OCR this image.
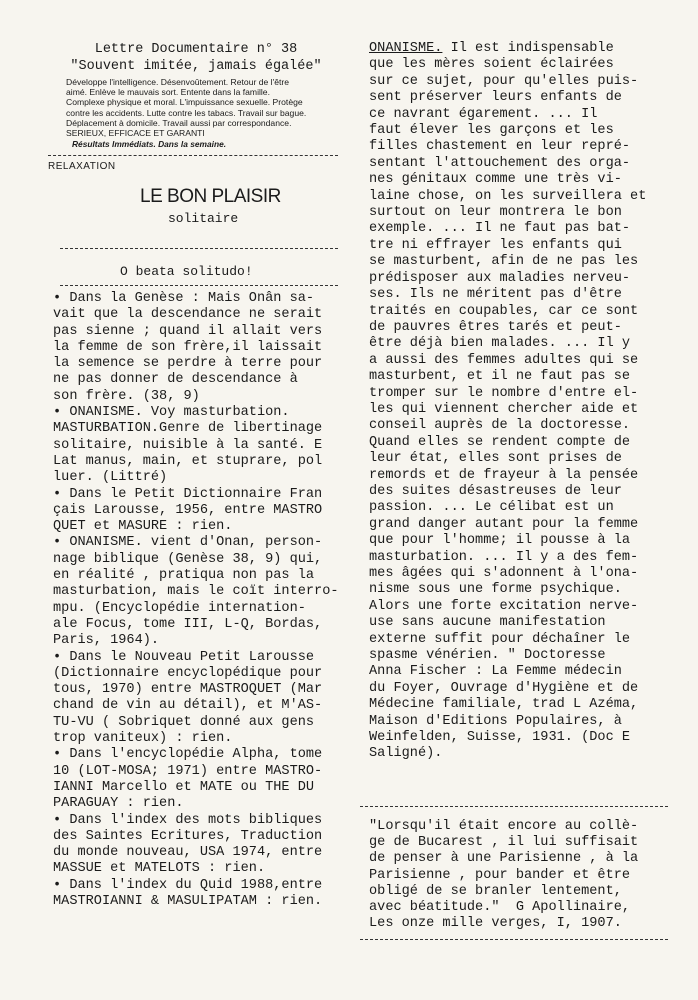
Lettre Documentaire n° 38
"Souvent imitée, jamais égalée"
Développe l'intelligence. Désenvoûtement. Retour de l'être
aimé. Enlève le mauvais sort. Entente dans la famille.
Complexe physique et moral. L'impuissance sexuelle. Protège
contre les accidents. Lutte contre les tabacs. Travail sur bague.
Déplacement à domicile. Travail aussi par correspondance.
SERIEUX, EFFICACE ET GARANTI
Résultats Immédiats. Dans la semaine.
RELAXATION
LE BON PLAISIR
solitaire
O beata solitudo!

• Dans la Genèse : Mais Onân sa-

vait que la descendance ne serait

pas sienne ; quand il allait vers

la femme de son frère,il laissait

la semence se perdre à terre pour

ne pas donner de descendance à

son frère. (38, 9)

• ONANISME. Voy masturbation.

MASTURBATION.Genre de libertinage

solitaire, nuisible à la santé. E

Lat manus, main, et stuprare, pol

luer. (Littré)

• Dans le Petit Dictionnaire Fran

çais Larousse, 1956, entre MASTRO

QUET et MASURE : rien.

• ONANISME. vient d'Onan, person-

nage biblique (Genèse 38, 9) qui,

en réalité , pratiqua non pas la

masturbation, mais le coït interro-

mpu. (Encyclopédie internation-

ale Focus, tome III, L-Q, Bordas,

Paris, 1964).

• Dans le Nouveau Petit Larousse

(Dictionnaire encyclopédique pour

tous, 1970) entre MASTROQUET (Mar

chand de vin au détail), et M'AS-

TU-VU ( Sobriquet donné aux gens

trop vaniteux) : rien.

• Dans l'encyclopédie Alpha, tome

10 (LOT-MOSA; 1971) entre MASTRO-

IANNI Marcello et MATE ou THE DU

PARAGUAY : rien.

• Dans l'index des mots bibliques

des Saintes Ecritures, Traduction

du monde nouveau, USA 1974, entre

MASSUE et MATELOTS : rien.

• Dans l'index du Quid 1988,entre

MASTROIANNI & MASULIPATAM : rien.

ONANISME. Il est indispensable

que les mères soient éclairées

sur ce sujet, pour qu'elles puis-

sent préserver leurs enfants de

ce navrant égarement. ... Il

faut élever les garçons et les

filles chastement en leur repré-

sentant l'attouchement des orga-

nes génitaux comme une très vi-

laine chose, on les surveillera et

surtout on leur montrera le bon

exemple. ... Il ne faut pas bat-

tre ni effrayer les enfants qui

se masturbent, afin de ne pas les

prédisposer aux maladies nerveu-

ses. Ils ne méritent pas d'être

traités en coupables, car ce sont

de pauvres êtres tarés et peut-

être déjà bien malades. ... Il y

a aussi des femmes adultes qui se

masturbent, et il ne faut pas se

tromper sur le nombre d'entre el-

les qui viennent chercher aide et

conseil auprès de la doctoresse.

Quand elles se rendent compte de

leur état, elles sont prises de

remords et de frayeur à la pensée

des suites désastreuses de leur

passion. ... Le célibat est un

grand danger autant pour la femme

que pour l'homme; il pousse à la

masturbation. ... Il y a des fem-

mes âgées qui s'adonnent à l'ona-

nisme sous une forme psychique.

Alors une forte excitation nerve-

use sans aucune manifestation

externe suffit pour déchaîner le

spasme vénérien. " Doctoresse

Anna Fischer : La Femme médecin

du Foyer, Ouvrage d'Hygiène et de

Médecine familiale, trad L Azéma,

Maison d'Editions Populaires, à

Weinfelden, Suisse, 1931. (Doc E

Saligné).

"Lorsqu'il était encore au collè-

ge de Bucarest , il lui suffisait

de penser à une Parisienne , à la

Parisienne , pour bander et être

obligé de se branler lentement,

avec béatitude."  G Apollinaire,

Les onze mille verges, I, 1907.
